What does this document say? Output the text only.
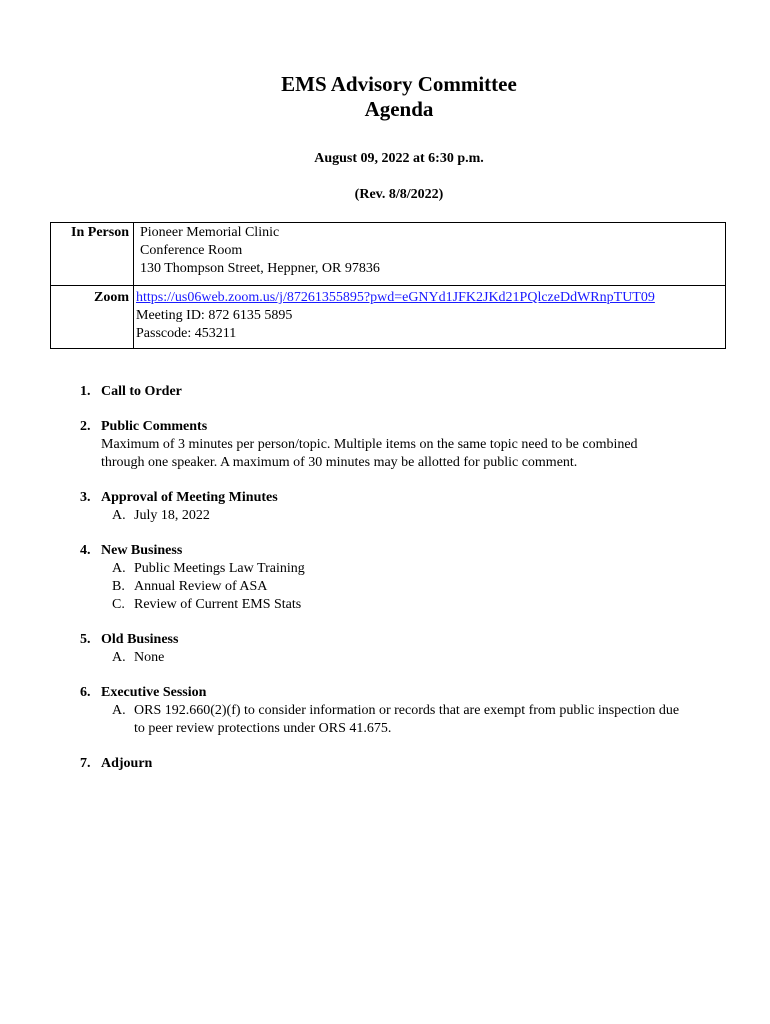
EMS Advisory Committee
Agenda
August 09, 2022 at 6:30 p.m.
(Rev. 8/8/2022)
In Person	Pioneer Memorial Clinic
Conference Room
130 Thompson Street, Heppner, OR 97836

Zoom	https://us06web.zoom.us/j/87261355895?pwd=eGNYd1JFK2JKd21PQlczeDdWRnpTUT09
Meeting ID: 872 6135 5895
Passcode: 453211
1. Call to Order
2. Public Comments
Maximum of 3 minutes per person/topic. Multiple items on the same topic need to be combined
through one speaker. A maximum of 30 minutes may be allotted for public comment.
3. Approval of Meeting Minutes
A. July 18, 2022
4. New Business
A. Public Meetings Law Training
B. Annual Review of ASA
C. Review of Current EMS Stats
5. Old Business
A. None
6. Executive Session
A. ORS 192.660(2)(f) to consider information or records that are exempt from public inspection due
to peer review protections under ORS 41.675.
7. Adjourn
